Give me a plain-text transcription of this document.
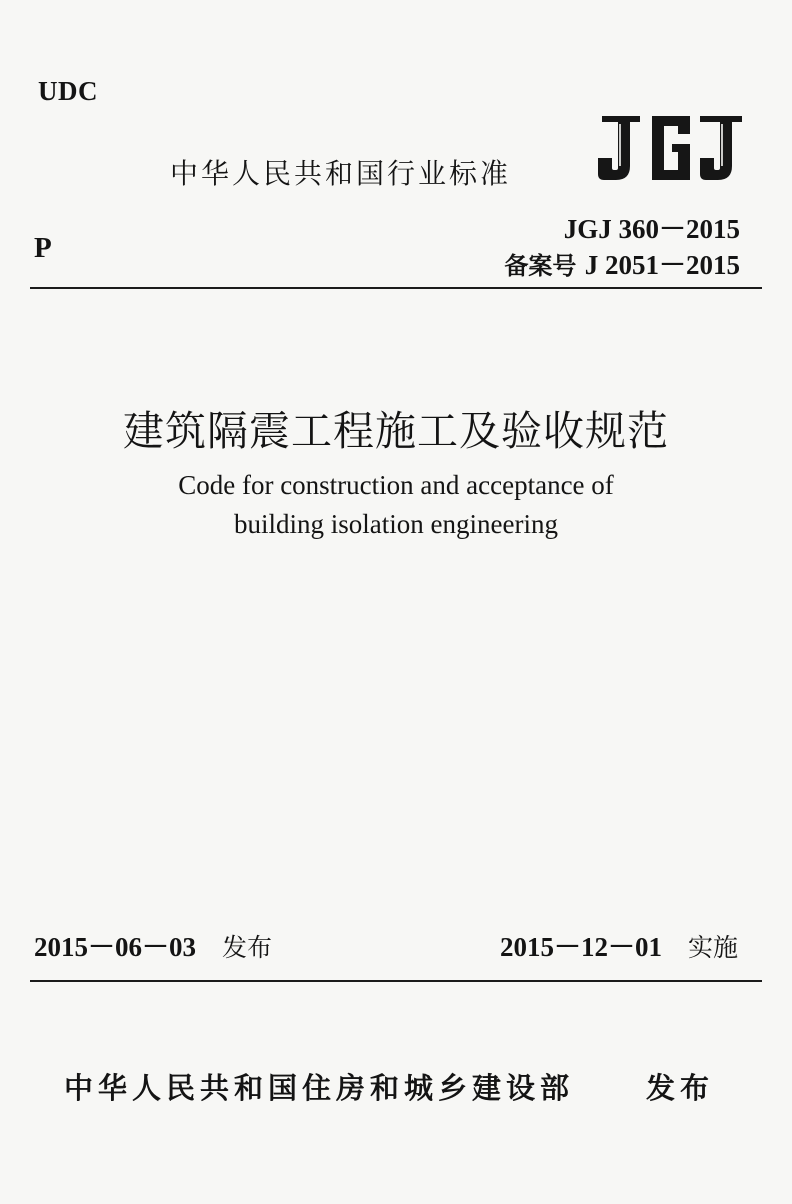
UDC
中华人民共和国行业标准
JGJ 360－2015
备案号 J 2051－2015
P
建筑隔震工程施工及验收规范
Code for construction and acceptance of
building isolation engineering
2015－06－03 发布	2015－12－01 实施
中华人民共和国住房和城乡建设部 发布
